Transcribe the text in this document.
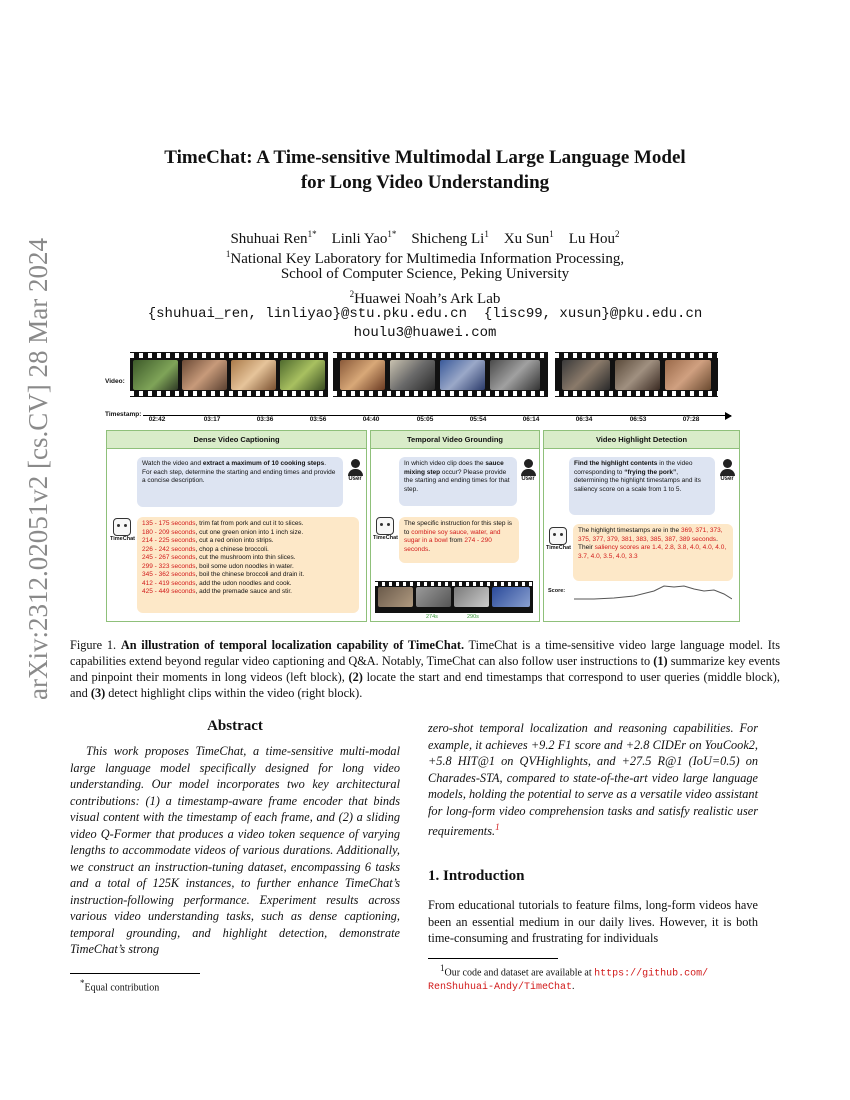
arXiv:2312.02051v2 [cs.CV] 28 Mar 2024
TimeChat: A Time-sensitive Multimodal Large Language Model
for Long Video Understanding
Shuhuai Ren$^{1*}$ Linli Yao$^{1*}$ Shicheng Li$^1$ Xu Sun$^1$ Lu Hou$^2$
$^1$National Key Laboratory for Multimedia Information Processing,
School of Computer Science, Peking University
$^2$Huawei Noah’s Ark Lab
{shuhuai_ren, linliyao}@stu.pku.edu.cn {lisc99, xusun}@pku.edu.cn
houlu3@huawei.com
Video:
Timestamp:
02:42	03:17	03:36	03:56	04:40	05:05	05:54	06:14	06:34	06:53	07:28
Dense Video Captioning
Watch the video and extract a maximum of 10 cooking steps.
For each step, determine the starting and ending times and provide a concise description.	User
TimeChat
135 - 175 seconds, trim fat from pork and cut it to slices.
180 - 209 seconds, cut one green onion into 1 inch size.
214 - 225 seconds, cut a red onion into strips.
226 - 242 seconds, chop a chinese broccoli.
245 - 267 seconds, cut the mushroom into thin slices.
299 - 323 seconds, boil some udon noodles in water.
345 - 362 seconds, boil the chinese broccoli and drain it.
412 - 419 seconds, add the udon noodles and cook.
425 - 449 seconds, add the premade sauce and stir.
Temporal Video Grounding
In which video clip does the sauce mixing step occur? Please provide the starting and ending times for that step.
User
TimeChat
The specific instruction for this step is to combine soy sauce, water, and sugar in a bowl from 274 - 290 seconds.
274s	290s
Video Highlight Detection
Find the highlight contents in the video corresponding to “frying the pork”, determining the highlight timestamps and its saliency score on a scale from 1 to 5.
User
TimeChat
The highlight timestamps are in the 369, 371, 373, 375, 377, 379, 381, 383, 385, 387, 389 seconds. Their saliency scores are 1.4, 2.8, 3.8, 4.0, 4.0, 4.0, 3.7, 4.0, 3.5, 4.0, 3.3
Score:
Figure 1. An illustration of temporal localization capability of TimeChat. TimeChat is a time-sensitive video large language model. Its capabilities extend beyond regular video captioning and Q&A. Notably, TimeChat can also follow user instructions to (1) summarize key events and pinpoint their moments in long videos (left block), (2) locate the start and end timestamps that correspond to user queries (middle block), and (3) detect highlight clips within the video (right block).
Abstract
This work proposes TimeChat, a time-sensitive multi-modal large language model specifically designed for long video understanding. Our model incorporates two key architectural contributions: (1) a timestamp-aware frame encoder that binds visual content with the timestamp of each frame, and (2) a sliding video Q-Former that produces a video token sequence of varying lengths to accommodate videos of various durations. Additionally, we construct an instruction-tuning dataset, encompassing 6 tasks and a total of 125K instances, to further enhance TimeChat’s instruction-following performance. Experiment results across various video understanding tasks, such as dense captioning, temporal grounding, and highlight detection, demonstrate TimeChat’s strong
*Equal contribution
zero-shot temporal localization and reasoning capabilities. For example, it achieves +9.2 F1 score and +2.8 CIDEr on YouCook2, +5.8 HIT@1 on QVHighlights, and +27.5 R@1 (IoU=0.5) on Charades-STA, compared to state-of-the-art video large language models, holding the potential to serve as a versatile video assistant for long-form video comprehension tasks and satisfy realistic user requirements.$^1$
1. Introduction
From educational tutorials to feature films, long-form videos have been an essential medium in our daily lives. However, it is both time-consuming and frustrating for individuals
$^1$Our code and dataset are available at https://github.com/
RenShuhuai-Andy/TimeChat.
